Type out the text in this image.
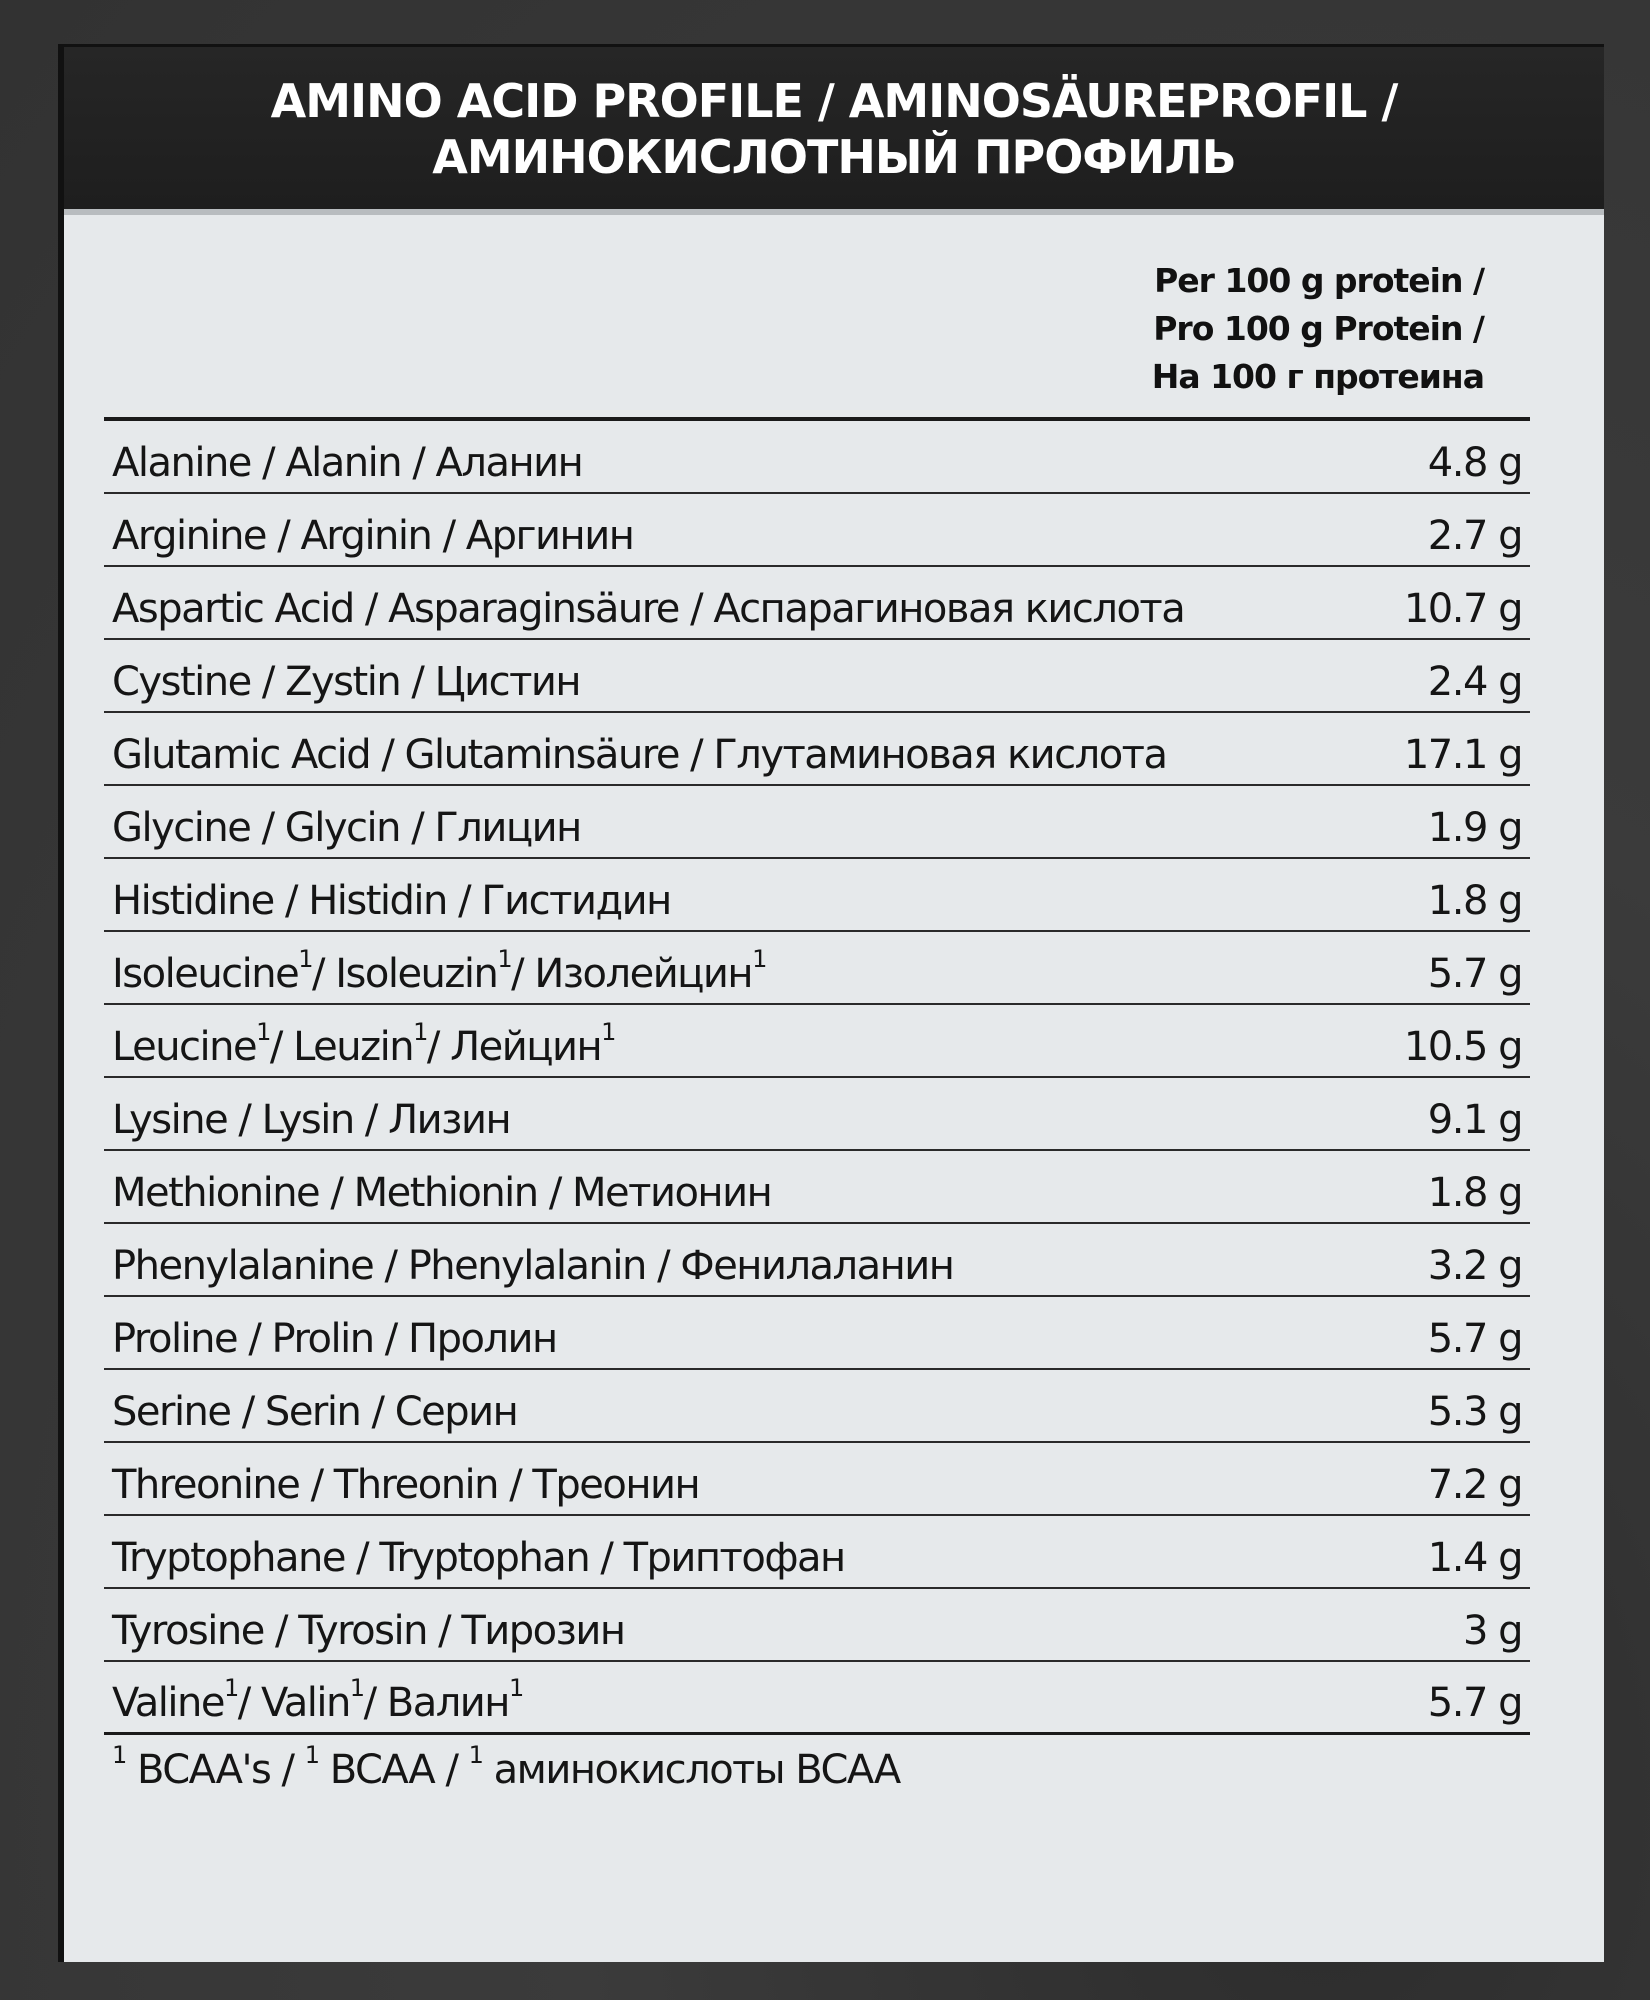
AMINO ACID PROFILE / AMINOSÄUREPROFIL /
АМИНОКИСЛОТНЫЙ ПРОФИЛЬ
Per 100 g protein /
Pro 100 g Protein /
На 100 г протеина
Alanine / Alanin / Аланин	4.8 g
Arginine / Arginin / Аргинин	2.7 g
Aspartic Acid / Asparaginsäure / Аспарагиновая кислота	10.7 g
Cystine / Zystin / Цистин	2.4 g
Glutamic Acid / Glutaminsäure / Глутаминовая кислота	17.1 g
Glycine / Glycin / Глицин	1.9 g
Histidine / Histidin / Гистидин	1.8 g
Isoleucine$^1$/ Isoleuzin$^1$/ Изолейцин$^1$	5.7 g
Leucine$^1$/ Leuzin$^1$/ Лейцин$^1$	10.5 g
Lysine / Lysin / Лизин	9.1 g
Methionine / Methionin / Метионин	1.8 g
Phenylalanine / Phenylalanin / Фенилаланин	3.2 g
Proline / Prolin / Пролин	5.7 g
Serine / Serin / Серин	5.3 g
Threonine / Threonin / Треонин	7.2 g
Tryptophane / Tryptophan / Триптофан	1.4 g
Tyrosine / Tyrosin / Тирозин	3 g
Valine$^1$/ Valin$^1$/ Валин$^1$	5.7 g
$^1$ BCAA's / $^1$ BCAA / $^1$ аминокислоты BCAA
